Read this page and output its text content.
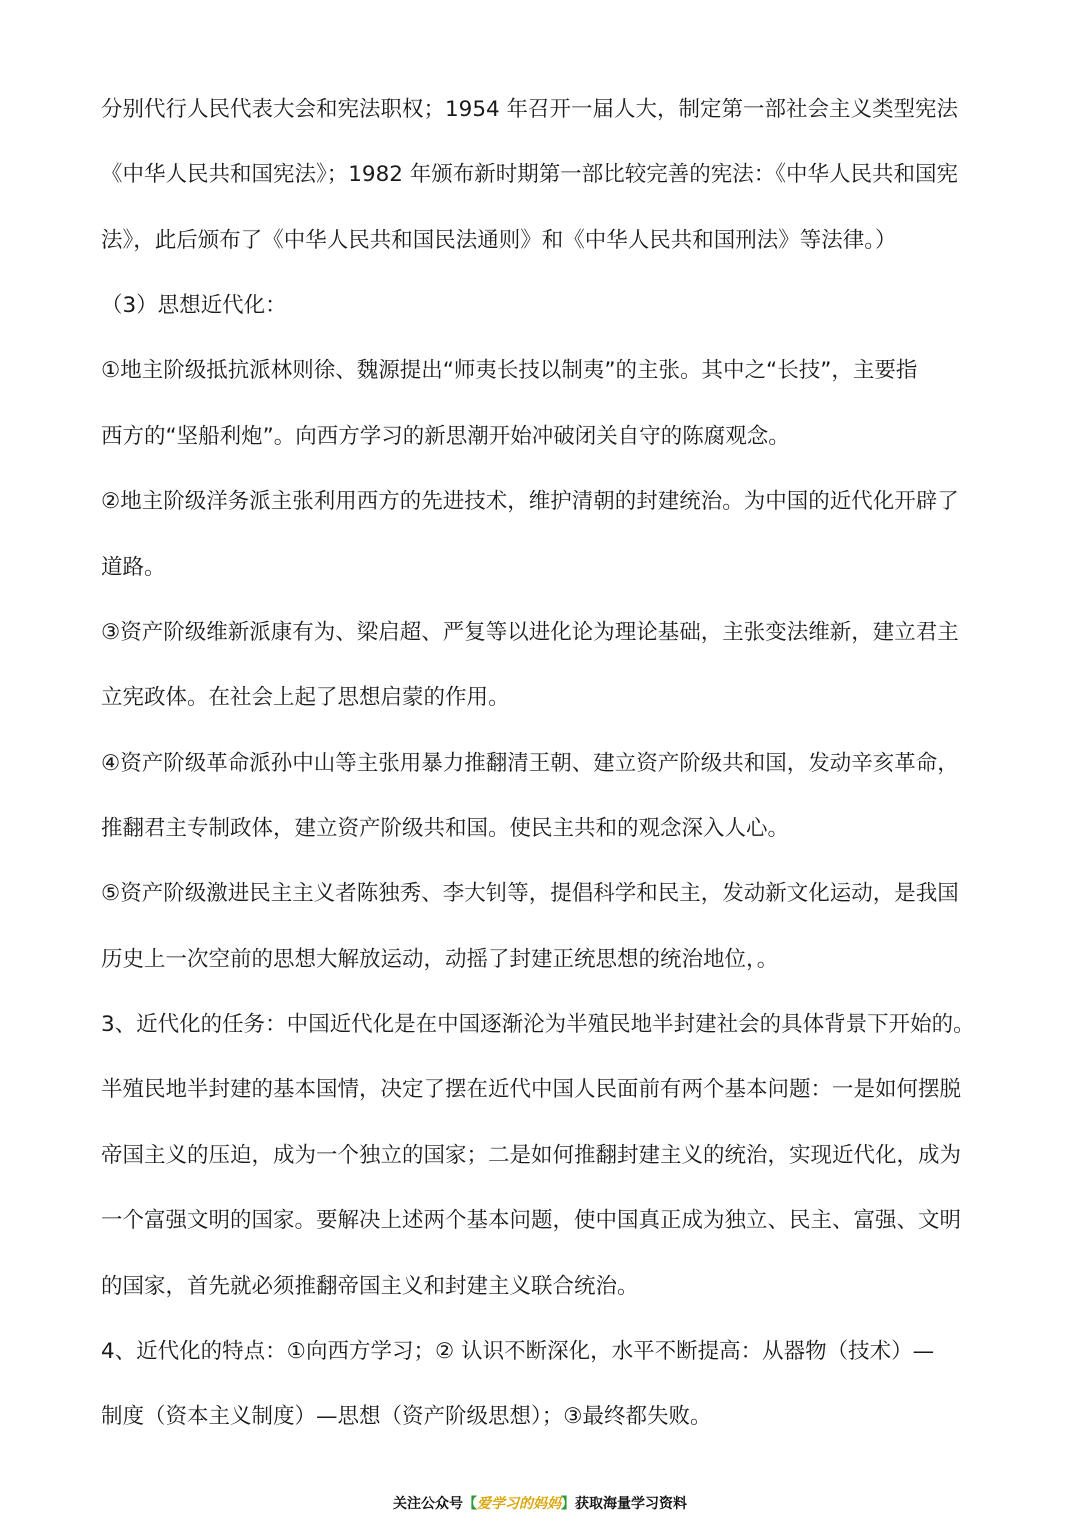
分别代行人民代表大会和宪法职权；1954 年召开一届人大，制定第一部社会主义类型宪法
《中华人民共和国宪法》；1982 年颁布新时期第一部比较完善的宪法：《中华人民共和国宪
法》，此后颁布了《中华人民共和国民法通则》和《中华人民共和国刑法》等法律。）
（3）思想近代化：
①地主阶级抵抗派林则徐、魏源提出“师夷长技以制夷”的主张。其中之“长技”，主要指
西方的“坚船利炮”。向西方学习的新思潮开始冲破闭关自守的陈腐观念。
②地主阶级洋务派主张利用西方的先进技术，维护清朝的封建统治。为中国的近代化开辟了
道路。
③资产阶级维新派康有为、梁启超、严复等以进化论为理论基础，主张变法维新，建立君主
立宪政体。在社会上起了思想启蒙的作用。
④资产阶级革命派孙中山等主张用暴力推翻清王朝、建立资产阶级共和国，发动辛亥革命，
推翻君主专制政体，建立资产阶级共和国。使民主共和的观念深入人心。
⑤资产阶级激进民主主义者陈独秀、李大钊等，提倡科学和民主，发动新文化运动，是我国
历史上一次空前的思想大解放运动，动摇了封建正统思想的统治地位，。
3、近代化的任务：中国近代化是在中国逐渐沦为半殖民地半封建社会的具体背景下开始的。
半殖民地半封建的基本国情，决定了摆在近代中国人民面前有两个基本问题：一是如何摆脱
帝国主义的压迫，成为一个独立的国家；二是如何推翻封建主义的统治，实现近代化，成为
一个富强文明的国家。要解决上述两个基本问题，使中国真正成为独立、民主、富强、文明
的国家，首先就必须推翻帝国主义和封建主义联合统治。
4、近代化的特点：①向西方学习；② 认识不断深化，水平不断提高：从器物（技术）—
制度（资本主义制度）—思想（资产阶级思想）；③最终都失败。
关注公众号【爱学习的妈妈】获取海量学习资料
